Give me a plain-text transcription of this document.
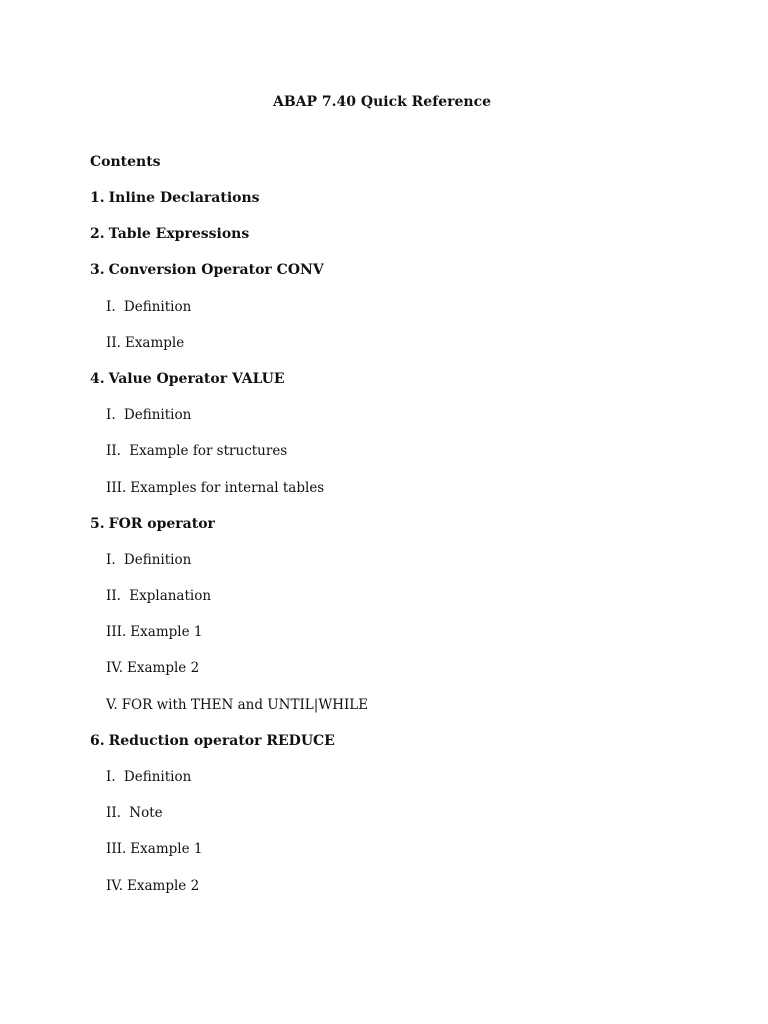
ABAP 7.40 Quick Reference
Contents
1. Inline Declarations
2. Table Expressions
3. Conversion Operator CONV
I. Definition
II. Example
4. Value Operator VALUE
I. Definition
II. Example for structures
III. Examples for internal tables
5. FOR operator
I. Definition
II. Explanation
III. Example 1
IV. Example 2
V. FOR with THEN and UNTIL|WHILE
6. Reduction operator REDUCE
I. Definition
II. Note
III. Example 1
IV. Example 2
